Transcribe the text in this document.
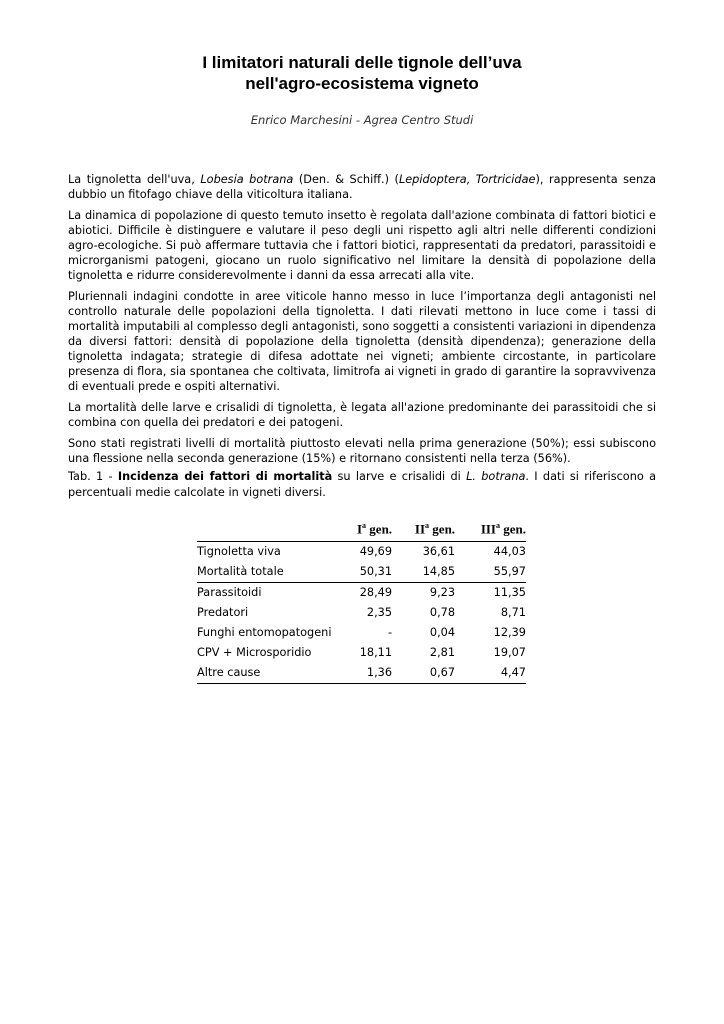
I limitatori naturali delle tignole dell’uva
nell'agro-ecosistema vigneto
Enrico Marchesini - Agrea Centro Studi

La tignoletta dell'uva, Lobesia botrana (Den. & Schiff.) (Lepidoptera, Tortricidae), rappresenta senza dubbio un fitofago chiave della viticoltura italiana.

La dinamica di popolazione di questo temuto insetto è regolata dall'azione combinata di fattori biotici e abiotici. Difficile è distinguere e valutare il peso degli uni rispetto agli altri nelle differenti condizioni agro-ecologiche. Si può affermare tuttavia che i fattori biotici, rappresentati da predatori, parassitoidi e microrganismi patogeni, giocano un ruolo significativo nel limitare la densità di popolazione della tignoletta e ridurre considerevolmente i danni da essa arrecati alla vite.

Pluriennali indagini condotte in aree viticole hanno messo in luce l’importanza degli antagonisti nel controllo naturale delle popolazioni della tignoletta. I dati rilevati mettono in luce come i tassi di mortalità imputabili al complesso degli antagonisti, sono soggetti a consistenti variazioni in dipendenza da diversi fattori: densità di popolazione della tignoletta (densità dipendenza); generazione della tignoletta indagata; strategie di difesa adottate nei vigneti; ambiente circostante, in particolare presenza di flora, sia spontanea che coltivata, limitrofa ai vigneti in grado di garantire la sopravvivenza di eventuali prede e ospiti alternativi.

La mortalità delle larve e crisalidi di tignoletta, è legata all'azione predominante dei parassitoidi che si combina con quella dei predatori e dei patogeni.

Sono stati registrati livelli di mortalità piuttosto elevati nella prima generazione (50%); essi subiscono una flessione nella seconda generazione (15%) e ritornano consistenti nella terza (56%).

Tab. 1 - Incidenza dei fattori di mortalità su larve e crisalidi di L. botrana. I dati si riferiscono a percentuali medie calcolate in vigneti diversi.
	$I^a$ gen.	$II^a$ gen.	III$^a$ gen.
Tignoletta viva	49,69	36,61	44,03
Mortalità totale	50,31	14,85	55,97
Parassitoidi	28,49	9,23	11,35
Predatori	2,35	0,78	8,71
Funghi entomopatogeni	-	0,04	12,39
CPV + Microsporidio	18,11	2,81	19,07
Altre cause	1,36	0,67	4,47
